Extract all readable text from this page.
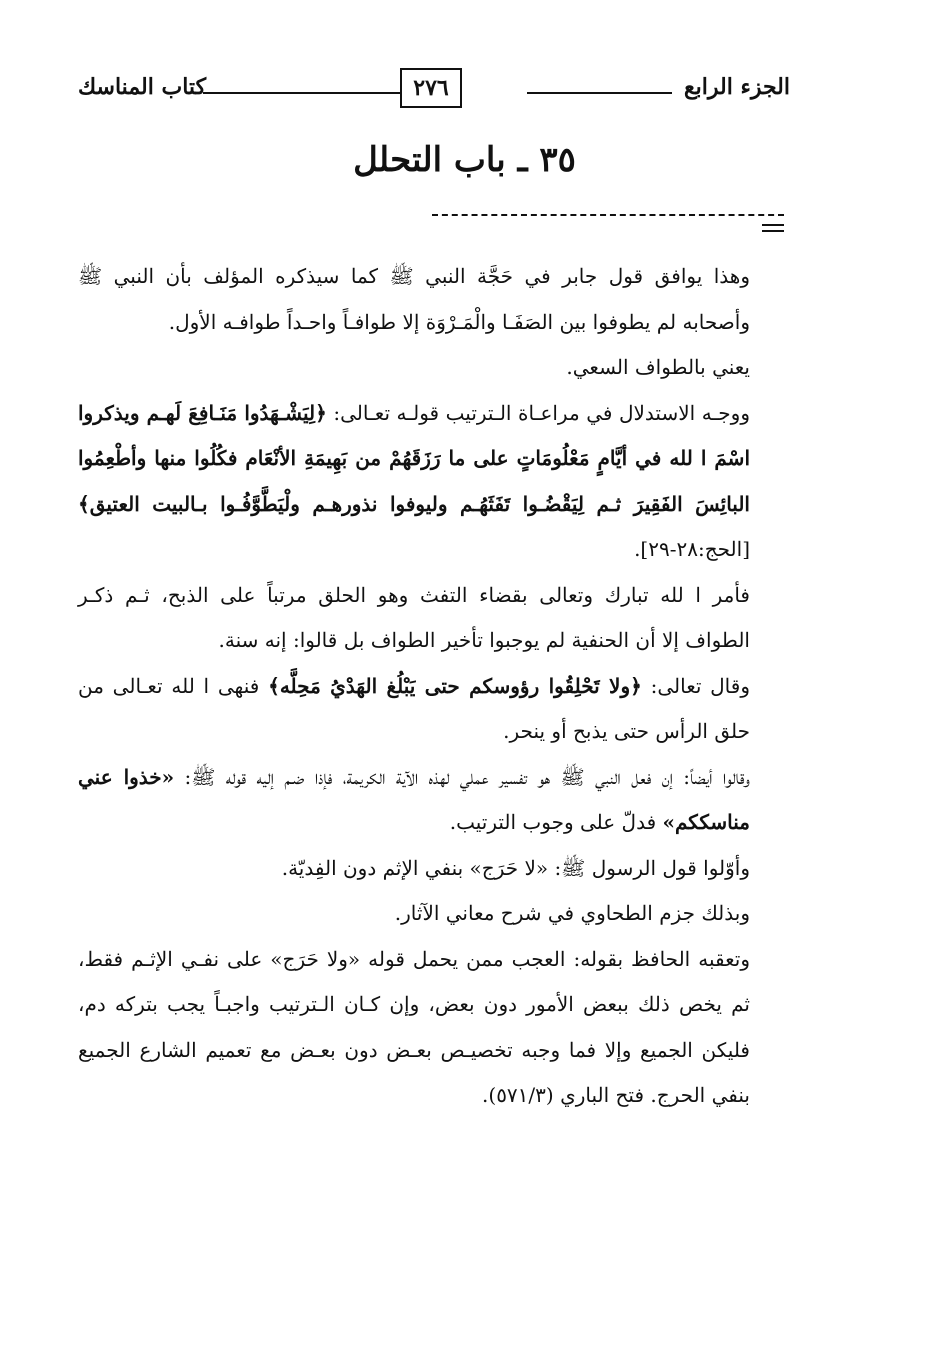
الجزء الرابع
٢٧٦
كتاب المناسك
٣٥ ـ باب التحلل

وهذا يوافق قول جابر في حَجَّة النبي ﷺ كما سيذكره المؤلف بأن النبي ﷺ وأصحابه لم يطوفوا بين الصَفَـا والْمَـرْوَة إلا طوافـاً واحـداً طوافـه الأول.

يعني بالطواف السعي.

ووجـه الاستدلال في مراعـاة الـترتيب قولـه تعـالى: ﴿لِيَشْـهَدُوا مَنَـافِعَ لَهـم ويذكروا اسْمَ ا لله في أيَّامٍ مَعْلُومَاتٍ على ما رَزَقَهُمْ من بَهِيمَةِ الأنْعَام فكُلُوا منها وأطْعِمُوا البائِسَ الفَقِيرَ ثـم لِيَقْضُـوا تَفَثَهُـم وليوفوا نذورهـم ولْيَطَّوَّفُـوا بـالبيت العتيق﴾ [الحج:٢٨-٢٩].

فأمر ا لله تبارك وتعالى بقضاء التفث وهو الحلق مرتباً على الذبح، ثـم ذكـر الطواف إلا أن الحنفية لم يوجبوا تأخير الطواف بل قالوا: إنه سنة.

وقال تعالى: ﴿ولا تَحْلِقُوا رؤوسكم حتى يَبْلُغ الهَدْيُ مَحِلَّه﴾ فنهى ا لله تعـالى من حلق الرأس حتى يذبح أو ينحر.

وقالوا أيضاً: إن فعل النبي ﷺ هو تفسير عملي لهذه الآية الكريمة، فإذا ضـم إليه قوله ﷺ: «خذوا عني مناسككم» فدلّ على وجوب الترتيب.

وأوّلوا قول الرسول ﷺ: «لا حَرَج» بنفي الإثم دون الفِديّة.

وبذلك جزم الطحاوي في شرح معاني الآثار.

وتعقبه الحافظ بقوله: العجب ممن يحمل قوله «ولا حَرَج» على نفـي الإثـم فقط، ثم يخص ذلك ببعض الأمور دون بعض، وإن كـان الـترتيب واجبـاً يجب بتركه دم، فليكن الجميع وإلا فما وجبه تخصيـص بعـض دون بعـض مع تعميم الشارع الجميع بنفي الحرج. فتح الباري (٥٧١/٣).
